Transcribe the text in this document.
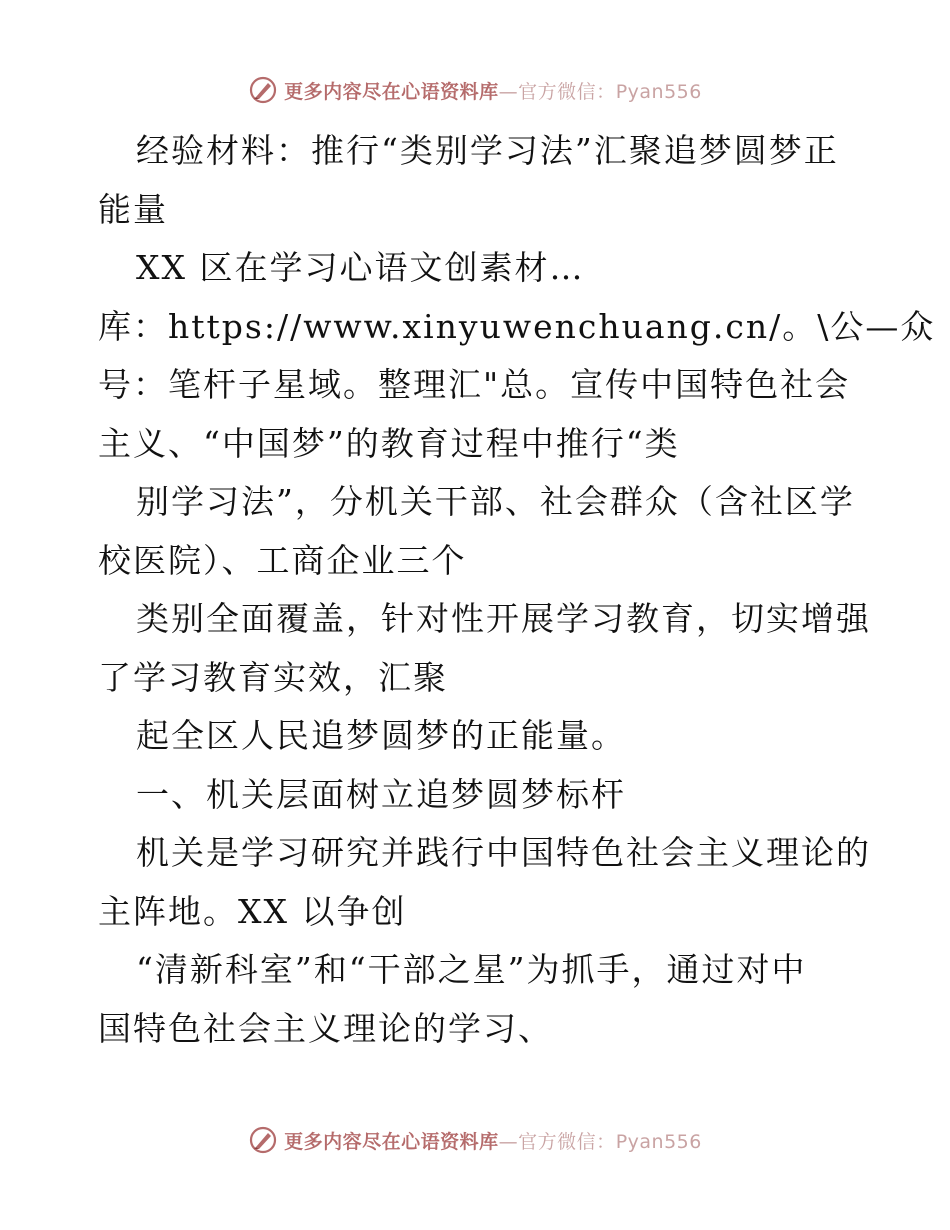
更多内容尽在心语资料库—官方微信：Pyan556
经验材料：推行“类别学习法”汇聚追梦圆梦正
能量
XX 区在学习心语文创素材…
库：https://www.xinyuwenchuang.cn/。\公—众
号：笔杆子星域。整理汇"总。宣传中国特色社会
主义、“中国梦”的教育过程中推行“类
别学习法”，分机关干部、社会群众（含社区学
校医院）、工商企业三个
类别全面覆盖，针对性开展学习教育，切实增强
了学习教育实效，汇聚
起全区人民追梦圆梦的正能量。
一、机关层面树立追梦圆梦标杆
机关是学习研究并践行中国特色社会主义理论的
主阵地。XX 以争创
“清新科室”和“干部之星”为抓手，通过对中
国特色社会主义理论的学习、
更多内容尽在心语资料库—官方微信：Pyan556
